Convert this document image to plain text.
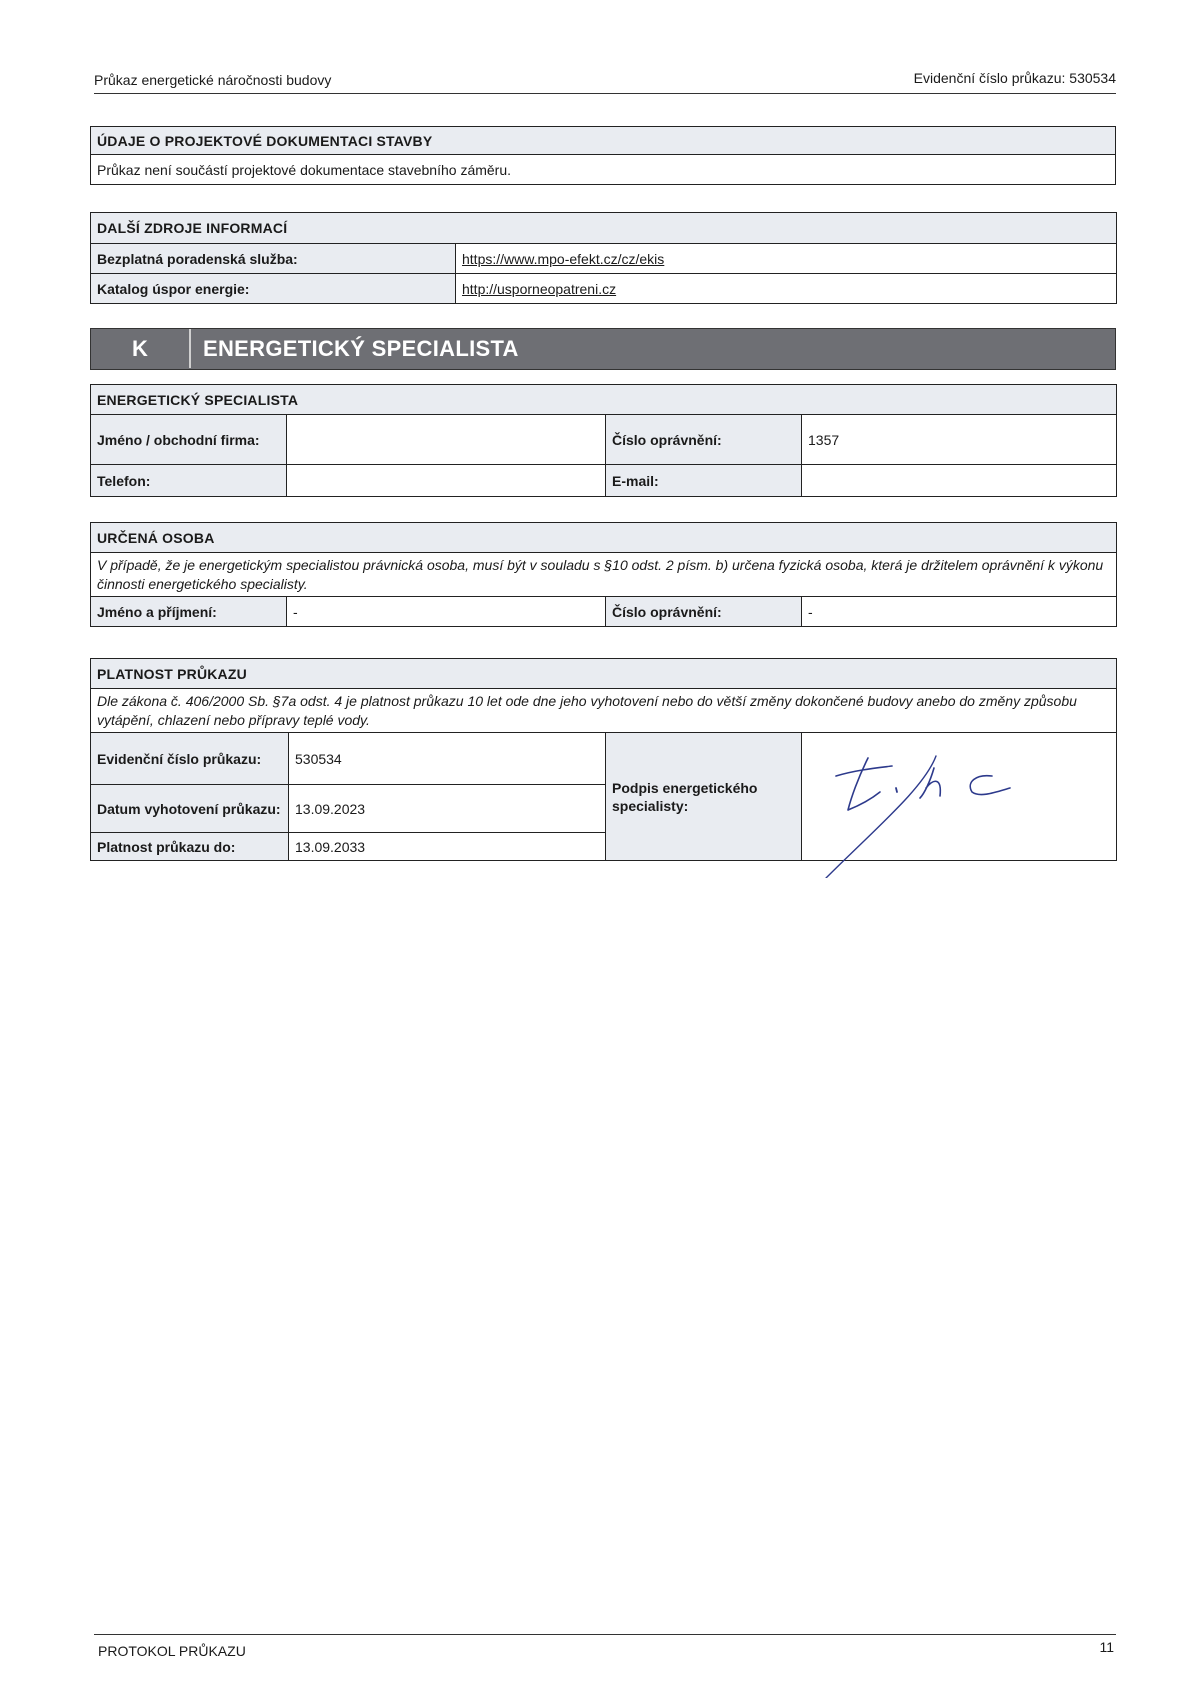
Průkaz energetické náročnosti budovy	Evidenční číslo průkazu: 530534
ÚDAJE O PROJEKTOVÉ DOKUMENTACI STAVBY
Průkaz není součástí projektové dokumentace stavebního záměru.
DALŠÍ ZDROJE INFORMACÍ
Bezplatná poradenská služba:	https://www.mpo-efekt.cz/cz/ekis
Katalog úspor energie:	http://usporneopatreni.cz
K	ENERGETICKÝ SPECIALISTA
ENERGETICKÝ SPECIALISTA
Jméno / obchodní firma:		Číslo oprávnění:	1357
Telefon:		E-mail:	
URČENÁ OSOBA
V případě, že je energetickým specialistou právnická osoba, musí být v souladu s §10 odst. 2 písm. b) určena fyzická osoba, která je držitelem oprávnění k výkonu činnosti energetického specialisty.
Jméno a příjmení:	-	Číslo oprávnění:	-
PLATNOST PRŮKAZU
Dle zákona č. 406/2000 Sb. §7a odst. 4 je platnost průkazu 10 let ode dne jeho vyhotovení nebo do větší změny dokončené budovy anebo do změny způsobu vytápění, chlazení nebo přípravy teplé vody.
Evidenční číslo průkazu:	530534	Podpis energetického specialisty:	
Datum vyhotovení průkazu:	13.09.2023
Platnost průkazu do:	13.09.2033
PROTOKOL PRŮKAZU	11
